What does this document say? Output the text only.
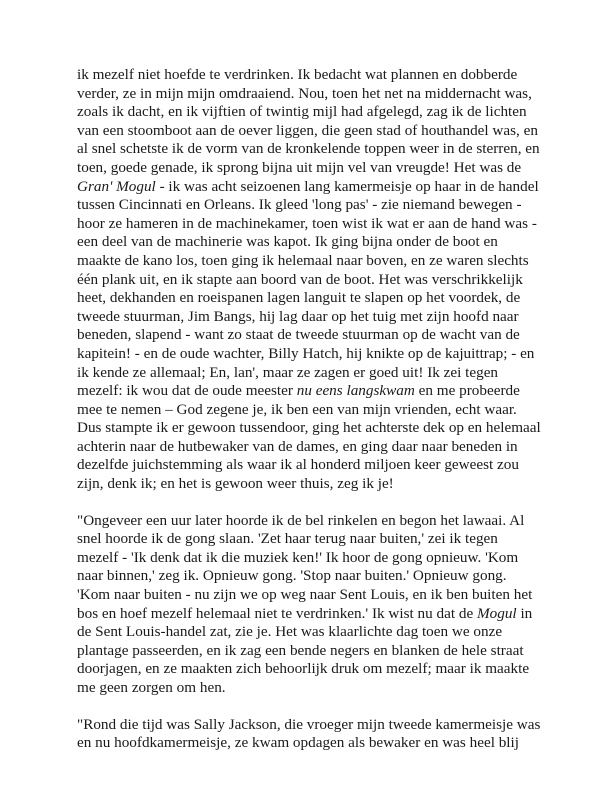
ik mezelf niet hoefde te verdrinken. Ik bedacht wat plannen en dobberde
verder, ze in mijn mijn omdraaiend. Nou, toen het net na middernacht was,
zoals ik dacht, en ik vijftien of twintig mijl had afgelegd, zag ik de lichten
van een stoomboot aan de oever liggen, die geen stad of houthandel was, en
al snel schetste ik de vorm van de kronkelende toppen weer in de sterren, en
toen, goede genade, ik sprong bijna uit mijn vel van vreugde! Het was de
Gran' Mogul - ik was acht seizoenen lang kamermeisje op haar in de handel
tussen Cincinnati en Orleans. Ik gleed 'long pas' - zie niemand bewegen -
hoor ze hameren in de machinekamer, toen wist ik wat er aan de hand was -
een deel van de machinerie was kapot. Ik ging bijna onder de boot en
maakte de kano los, toen ging ik helemaal naar boven, en ze waren slechts
één plank uit, en ik stapte aan boord van de boot. Het was verschrikkelijk
heet, dekhanden en roeispanen lagen languit te slapen op het voordek, de
tweede stuurman, Jim Bangs, hij lag daar op het tuig met zijn hoofd naar
beneden, slapend - want zo staat de tweede stuurman op de wacht van de
kapitein! - en de oude wachter, Billy Hatch, hij knikte op de kajuittrap; - en
ik kende ze allemaal; En, lan', maar ze zagen er goed uit! Ik zei tegen
mezelf: ik wou dat de oude meester nu eens langskwam en me probeerde
mee te nemen – God zegene je, ik ben een van mijn vrienden, echt waar.
Dus stampte ik er gewoon tussendoor, ging het achterste dek op en helemaal
achterin naar de hutbewaker van de dames, en ging daar naar beneden in
dezelfde juichstemming als waar ik al honderd miljoen keer geweest zou
zijn, denk ik; en het is gewoon weer thuis, zeg ik je!

"Ongeveer een uur later hoorde ik de bel rinkelen en begon het lawaai. Al
snel hoorde ik de gong slaan. 'Zet haar terug naar buiten,' zei ik tegen
mezelf - 'Ik denk dat ik die muziek ken!' Ik hoor de gong opnieuw. 'Kom
naar binnen,' zeg ik. Opnieuw gong. 'Stop naar buiten.' Opnieuw gong.
'Kom naar buiten - nu zijn we op weg naar Sent Louis, en ik ben buiten het
bos en hoef mezelf helemaal niet te verdrinken.' Ik wist nu dat de Mogul in
de Sent Louis-handel zat, zie je. Het was klaarlichte dag toen we onze
plantage passeerden, en ik zag een bende negers en blanken de hele straat
doorjagen, en ze maakten zich behoorlijk druk om mezelf; maar ik maakte
me geen zorgen om hen.

"Rond die tijd was Sally Jackson, die vroeger mijn tweede kamermeisje was
en nu hoofdkamermeisje, ze kwam opdagen als bewaker en was heel blij
